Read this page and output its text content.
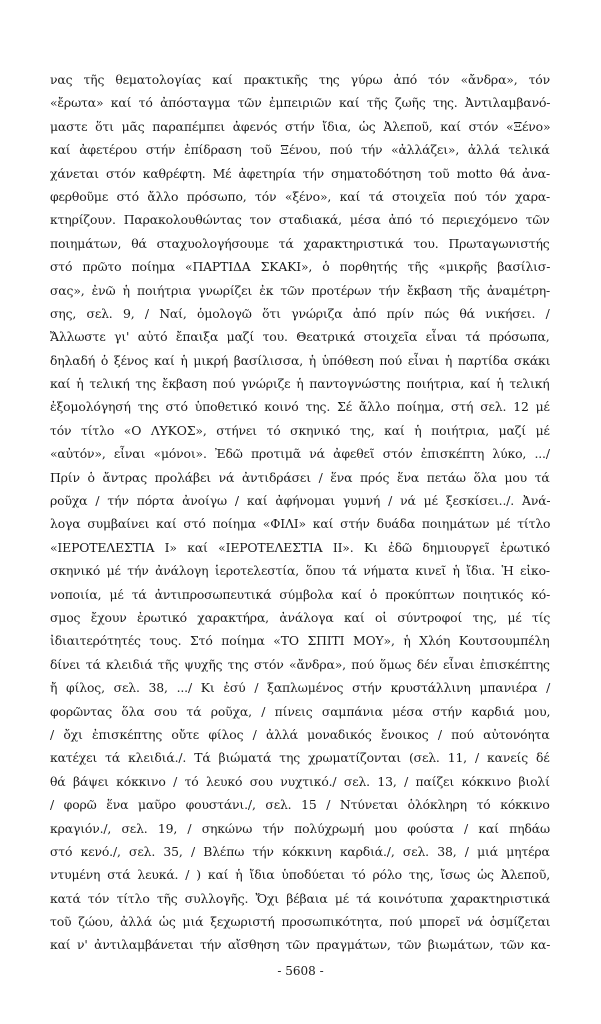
νας τῆς θεματολογίας καί πρακτικῆς της γύρω ἀπό τόν «ἄνδρα», τόν
«ἔρωτα» καί τό ἀπόσταγμα τῶν ἐμπειριῶν καί τῆς ζωῆς της. Ἀντιλαμβανό-
μαστε ὅτι μᾶς παραπέμπει ἀφενός στήν ἴδια, ὡς Ἀλεποῦ, καί στόν «Ξένο»
καί ἀφετέρου στήν ἐπίδραση τοῦ Ξένου, πού τήν «ἀλλάζει», ἀλλά τελικά
χάνεται στόν καθρέφτη. Μέ ἀφετηρία τήν σηματοδότηση τοῦ motto θά ἀνα-
φερθοῦμε στό ἄλλο πρόσωπο, τόν «ξένο», καί τά στοιχεῖα πού τόν χαρα-
κτηρίζουν. Παρακολουθώντας τον σταδιακά, μέσα ἀπό τό περιεχόμενο τῶν
ποιημάτων, θά σταχυολογήσουμε τά χαρακτηριστικά του. Πρωταγωνιστής
στό πρῶτο ποίημα «ΠΑΡΤΙΔΑ ΣΚΑΚΙ», ὁ πορθητής τῆς «μικρῆς βασίλισ-
σας», ἐνῶ ἡ ποιήτρια γνωρίζει ἐκ τῶν προτέρων τήν ἔκβαση τῆς ἀναμέτρη-
σης, σελ. 9, / Ναί, ὁμολογῶ ὅτι γνώριζα ἀπό πρίν πώς θά νικήσει. /
Ἄλλωστε γι' αὐτό ἔπαιξα μαζί του. Θεατρικά στοιχεῖα εἶναι τά πρόσωπα,
δηλαδή ὁ ξένος καί ἡ μικρή βασίλισσα, ἡ ὑπόθεση πού εἶναι ἡ παρτίδα σκάκι
καί ἡ τελική της ἔκβαση πού γνώριζε ἡ παντογνώστης ποιήτρια, καί ἡ τελική
ἐξομολόγησή της στό ὑποθετικό κοινό της. Σέ ἄλλο ποίημα, στή σελ. 12 μέ
τόν τίτλο «Ο ΛΥΚΟΣ», στήνει τό σκηνικό της, καί ἡ ποιήτρια, μαζί μέ
«αὐτόν», εἶναι «μόνοι». Ἐδῶ προτιμᾶ νά ἀφεθεῖ στόν ἐπισκέπτη λύκο, .../
Πρίν ὁ ἄντρας προλάβει νά ἀντιδράσει / ἕνα πρός ἕνα πετάω ὅλα μου τά
ροῦχα / τήν πόρτα ἀνοίγω / καί ἀφήνομαι γυμνή / νά μέ ξεσκίσει../. Ἀνά-
λογα συμβαίνει καί στό ποίημα «ΦΙΛΙ» καί στήν δυάδα ποιημάτων μέ τίτλο
«ΙΕΡΟΤΕΛΕΣΤΙΑ Ι» καί «ΙΕΡΟΤΕΛΕΣΤΙΑ ΙΙ». Κι ἐδῶ δημιουργεῖ ἐρωτικό
σκηνικό μέ τήν ἀνάλογη ἱεροτελεστία, ὅπου τά νήματα κινεῖ ἡ ἴδια. Ἡ εἰκο-
νοποιία, μέ τά ἀντιπροσωπευτικά σύμβολα καί ὁ προκύπτων ποιητικός κό-
σμος ἔχουν ἐρωτικό χαρακτήρα, ἀνάλογα καί οἱ σύντροφοί της, μέ τίς
ἰδιαιτερότητές τους. Στό ποίημα «ΤΟ ΣΠΙΤΙ ΜΟΥ», ἡ Χλόη Κουτσουμπέλη
δίνει τά κλειδιά τῆς ψυχῆς της στόν «ἄνδρα», πού ὅμως δέν εἶναι ἐπισκέπτης
ἤ φίλος, σελ. 38, .../ Κι ἐσύ / ξαπλωμένος στήν κρυστάλλινη μπανιέρα /
φορῶντας ὅλα σου τά ροῦχα, / πίνεις σαμπάνια μέσα στήν καρδιά μου,
/ ὄχι ἐπισκέπτης οὔτε φίλος / ἀλλά μοναδικός ἔνοικος / πού αὐτονόητα
κατέχει τά κλειδιά./. Τά βιώματά της χρωματίζονται (σελ. 11, / κανείς δέ
θά βάψει κόκκινο / τό λευκό σου νυχτικό./ σελ. 13, / παίζει κόκκινο βιολί
/ φορῶ ἕνα μαῦρο φουστάνι./, σελ. 15 / Ντύνεται ὁλόκληρη τό κόκκινο
κραγιόν./, σελ. 19, / σηκώνω τήν πολύχρωμή μου φούστα / καί πηδάω
στό κενό./, σελ. 35, / Βλέπω τήν κόκκινη καρδιά./, σελ. 38, / μιά μητέρα
ντυμένη στά λευκά. / ) καί ἡ ἴδια ὑποδύεται τό ρόλο της, ἴσως ὡς Ἀλεποῦ,
κατά τόν τίτλο τῆς συλλογῆς. Ὄχι βέβαια μέ τά κοινότυπα χαρακτηριστικά
τοῦ ζώου, ἀλλά ὡς μιά ξεχωριστή προσωπικότητα, πού μπορεῖ νά ὁσμίζεται
καί ν' ἀντιλαμβάνεται τήν αἴσθηση τῶν πραγμάτων, τῶν βιωμάτων, τῶν κα-
- 5608 -
